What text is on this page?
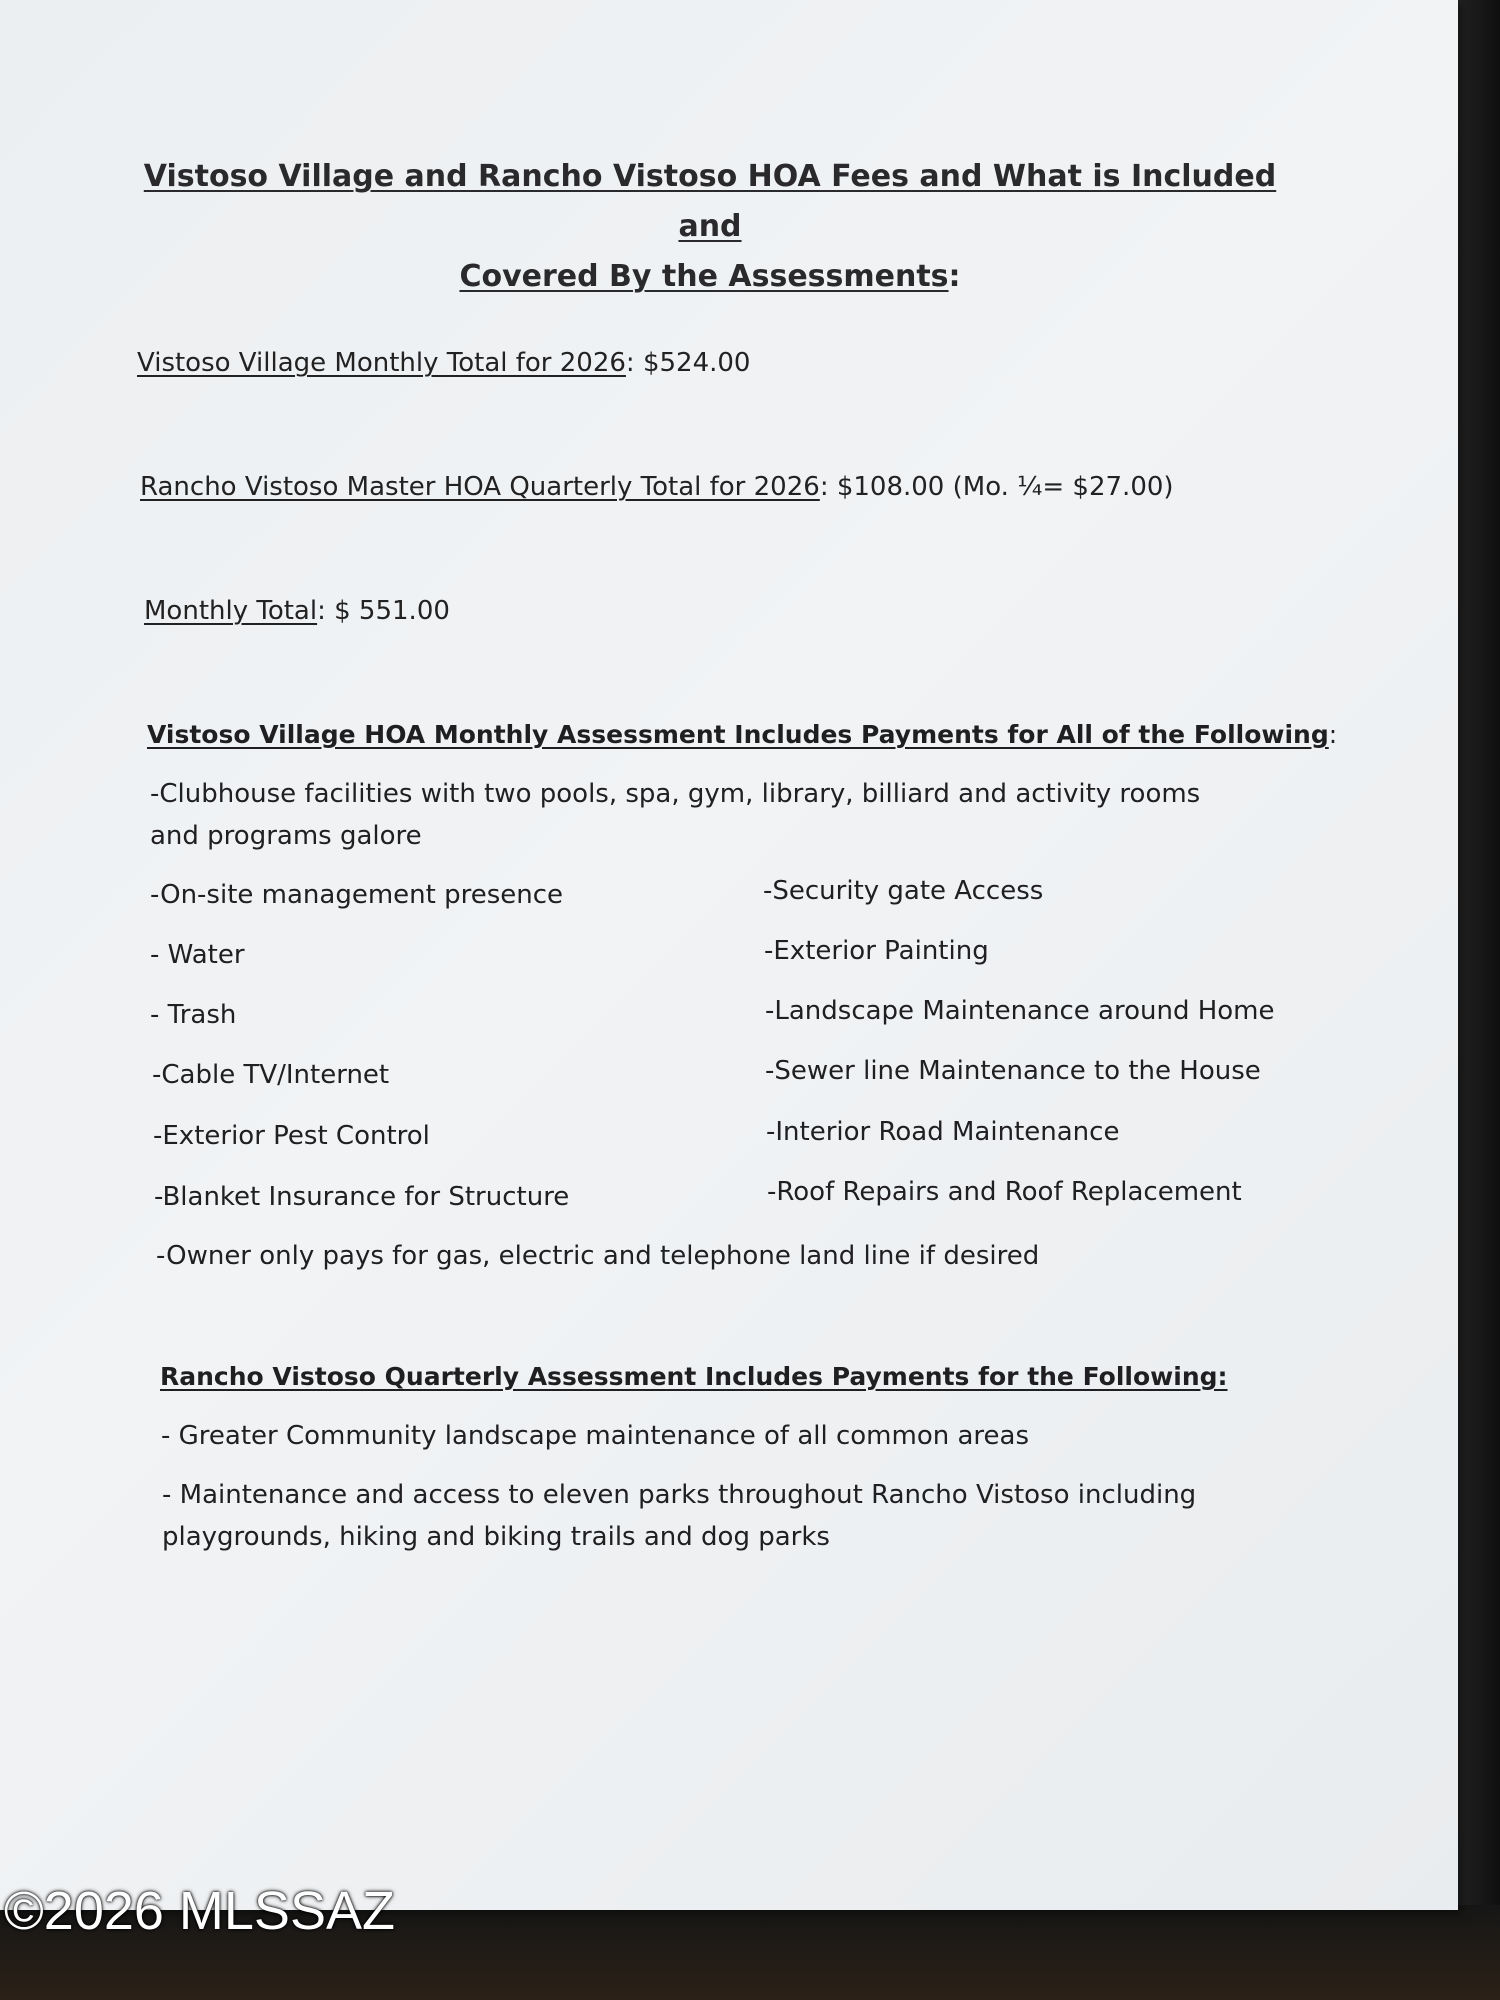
Vistoso Village and Rancho Vistoso HOA Fees and What is Included and
Covered By the Assessments:
Vistoso Village Monthly Total for 2026: $524.00
Rancho Vistoso Master HOA Quarterly Total for 2026: $108.00 (Mo. ¼= $27.00)
Monthly Total: $ 551.00
Vistoso Village HOA Monthly Assessment Includes Payments for All of the Following:
-Clubhouse facilities with two pools, spa, gym, library, billiard and activity rooms and programs galore
-On-site management presence
- Water
- Trash
-Cable TV/Internet
-Exterior Pest Control
-Blanket Insurance for Structure
-Security gate Access
-Exterior Painting
-Landscape Maintenance around Home
-Sewer line Maintenance to the House
-Interior Road Maintenance
-Roof Repairs and Roof Replacement
-Owner only pays for gas, electric and telephone land line if desired
Rancho Vistoso Quarterly Assessment Includes Payments for the Following:
- Greater Community landscape maintenance of all common areas
- Maintenance and access to eleven parks throughout Rancho Vistoso including playgrounds, hiking and biking trails and dog parks
©2026 MLSSAZ
